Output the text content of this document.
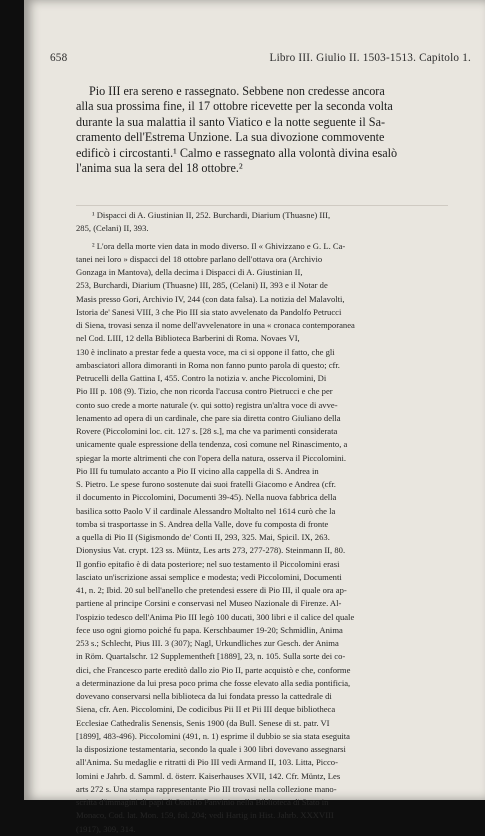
658	Libro III. Giulio II. 1503-1513. Capitolo 1.
Pio III era sereno e rassegnato. Sebbene non credesse ancora
alla sua prossima fine, il 17 ottobre ricevette per la seconda volta
durante la sua malattia il santo Viatico e la notte seguente il Sa-
cramento dell'Estrema Unzione. La sua divozione commovente
edificò i circostanti.¹ Calmo e rassegnato alla volontà divina esalò
l'anima sua la sera del 18 ottobre.²
¹ Dispacci di A. Giustinian II, 252. Burchardi, Diarium (Thuasne) III,
285, (Celani) II, 393.
² L'ora della morte vien data in modo diverso. Il « Ghivizzano e G. L. Ca-
tanei nei loro » dispacci del 18 ottobre parlano dell'ottava ora (Archivio
Gonzaga in Mantova), della decima i Dispacci di A. Giustinian II,
253, Burchardi, Diarium (Thuasne) III, 285, (Celani) II, 393 e il Notar de
Masis presso Gori, Archivio IV, 244 (con data falsa). La notizia del Malavolti,
Istoria de' Sanesi VIII, 3 che Pio III sia stato avvelenato da Pandolfo Petrucci
di Siena, trovasi senza il nome dell'avvelenatore in una « cronaca contemporanea
nel Cod. LIII, 12 della Biblioteca Barberini di Roma. Novaes VI,
130 è inclinato a prestar fede a questa voce, ma ci si oppone il fatto, che gli
ambasciatori allora dimoranti in Roma non fanno punto parola di questo; cfr.
Petrucelli della Gattina I, 455. Contro la notizia v. anche Piccolomini, Di
Pio III p. 108 (9). Tizio, che non ricorda l'accusa contro Pietrucci e che per
conto suo crede a morte naturale (v. qui sotto) registra un'altra voce di avve-
lenamento ad opera di un cardinale, che pare sia diretta contro Giuliano della
Rovere (Piccolomini loc. cit. 127 s. [28 s.], ma che va parimenti considerata
unicamente quale espressione della tendenza, così comune nel Rinascimento, a
spiegar la morte altrimenti che con l'opera della natura, osserva il Piccolomini.
Pio III fu tumulato accanto a Pio II vicino alla cappella di S. Andrea in
S. Pietro. Le spese furono sostenute dai suoi fratelli Giacomo e Andrea (cfr.
il documento in Piccolomini, Documenti 39-45). Nella nuova fabbrica della
basilica sotto Paolo V il cardinale Alessandro Moltalto nel 1614 curò che la
tomba si trasportasse in S. Andrea della Valle, dove fu composta di fronte
a quella di Pio II (Sigismondo de' Conti II, 293, 325. Mai, Spicil. IX, 263.
Dionysius Vat. crypt. 123 ss. Müntz, Les arts 273, 277-278). Steinmann II, 80.
Il gonfio epitafio è di data posteriore; nel suo testamento il Piccolomini erasi
lasciato un'iscrizione assai semplice e modesta; vedi Piccolomini, Documenti
41, n. 2; Ibid. 20 sul bell'anello che pretendesi essere di Pio III, il quale ora ap-
partiene al principe Corsini e conservasi nel Museo Nazionale di Firenze. Al-
l'ospizio tedesco dell'Anima Pio III legò 100 ducati, 300 libri e il calice del quale
fece uso ogni giorno poiché fu papa. Kerschbaumer 19-20; Schmidlin, Anima
253 s.; Schlecht, Pius III. 3 (307); Nagl, Urkundliches zur Gesch. der Anima
in Röm. Quartalschr. 12 Supplementheft [1889], 23, n. 105. Sulla sorte dei co-
dici, che Francesco parte ereditò dallo zio Pio II, parte acquistò e che, conforme
a determinazione da lui presa poco prima che fosse elevato alla sedia pontificia,
dovevano conservarsi nella biblioteca da lui fondata presso la cattedrale di
Siena, cfr. Aen. Piccolomini, De codicibus Pii II et Pii III deque bibliotheca
Ecclesiae Cathedralis Senensis, Senis 1900 (da Bull. Senese di st. patr. VI
[1899], 483-496). Piccolomini (491, n. 1) esprime il dubbio se sia stata eseguita
la disposizione testamentaria, secondo la quale i 300 libri dovevano assegnarsi
all'Anima. Su medaglie e ritratti di Pio III vedi Armand II, 103. Litta, Picco-
lomini e Jahrb. d. Samml. d. österr. Kaiserhauses XVII, 142. Cfr. Müntz, Les
arts 272 s. Una stampa rappresentante Pio III trovasi nella collezione mano-
scritta d'immagini di papi di Onofrio Panvinio nella Biblioteca di Stato in
Monaco, Cod. lat. Mon. 159, fol. 204; vedi Hartig in Hist. Jahrb. XXXVIII
(1917), 309, 314.
